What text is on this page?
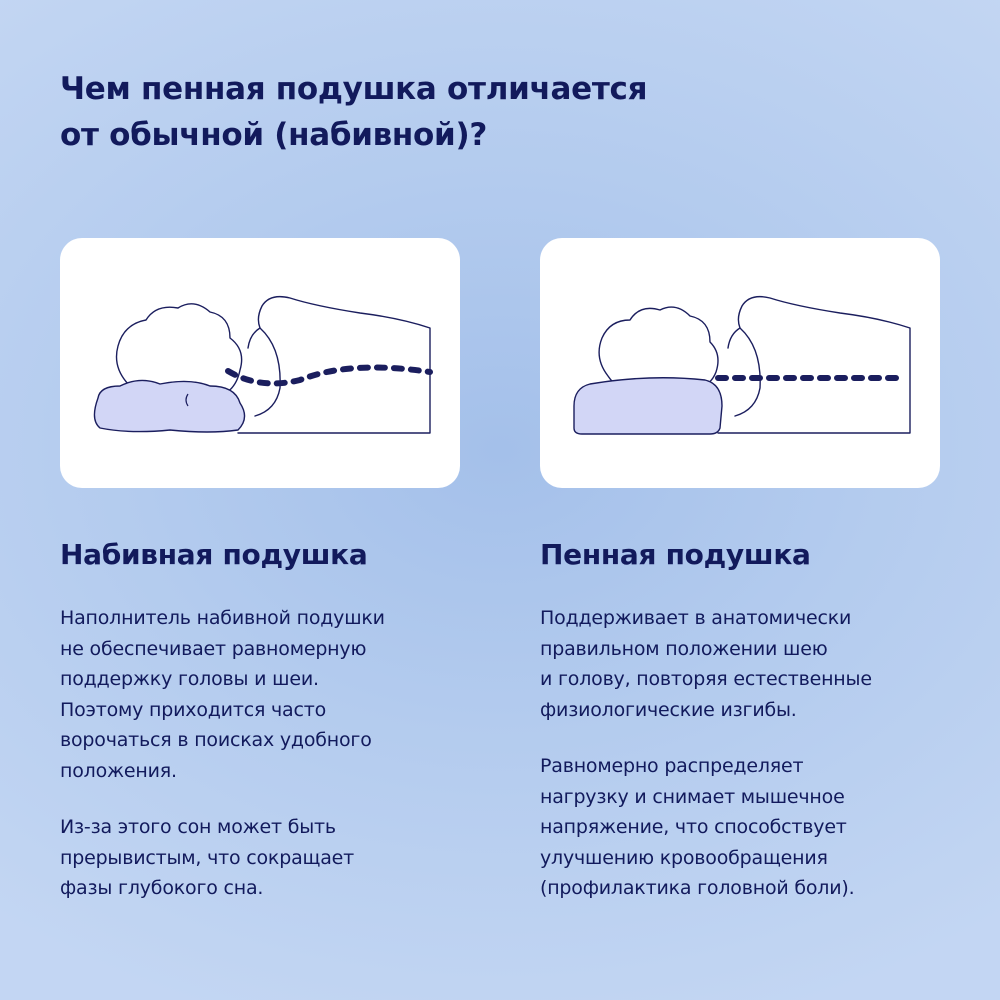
Чем пенная подушка отличается
от обычной (набивной)?
Набивная подушка

Наполнитель набивной подушки
не обеспечивает равномерную
поддержку головы и шеи.
Поэтому приходится часто
ворочаться в поисках удобного
положения.

Из-за этого сон может быть
прерывистым, что сокращает
фазы глубокого сна.

Пенная подушка

Поддерживает в анатомически
правильном положении шею
и голову, повторяя естественные
физиологические изгибы.

Равномерно распределяет
нагрузку и снимает мышечное
напряжение, что способствует
улучшению кровообращения
(профилактика головной боли).
